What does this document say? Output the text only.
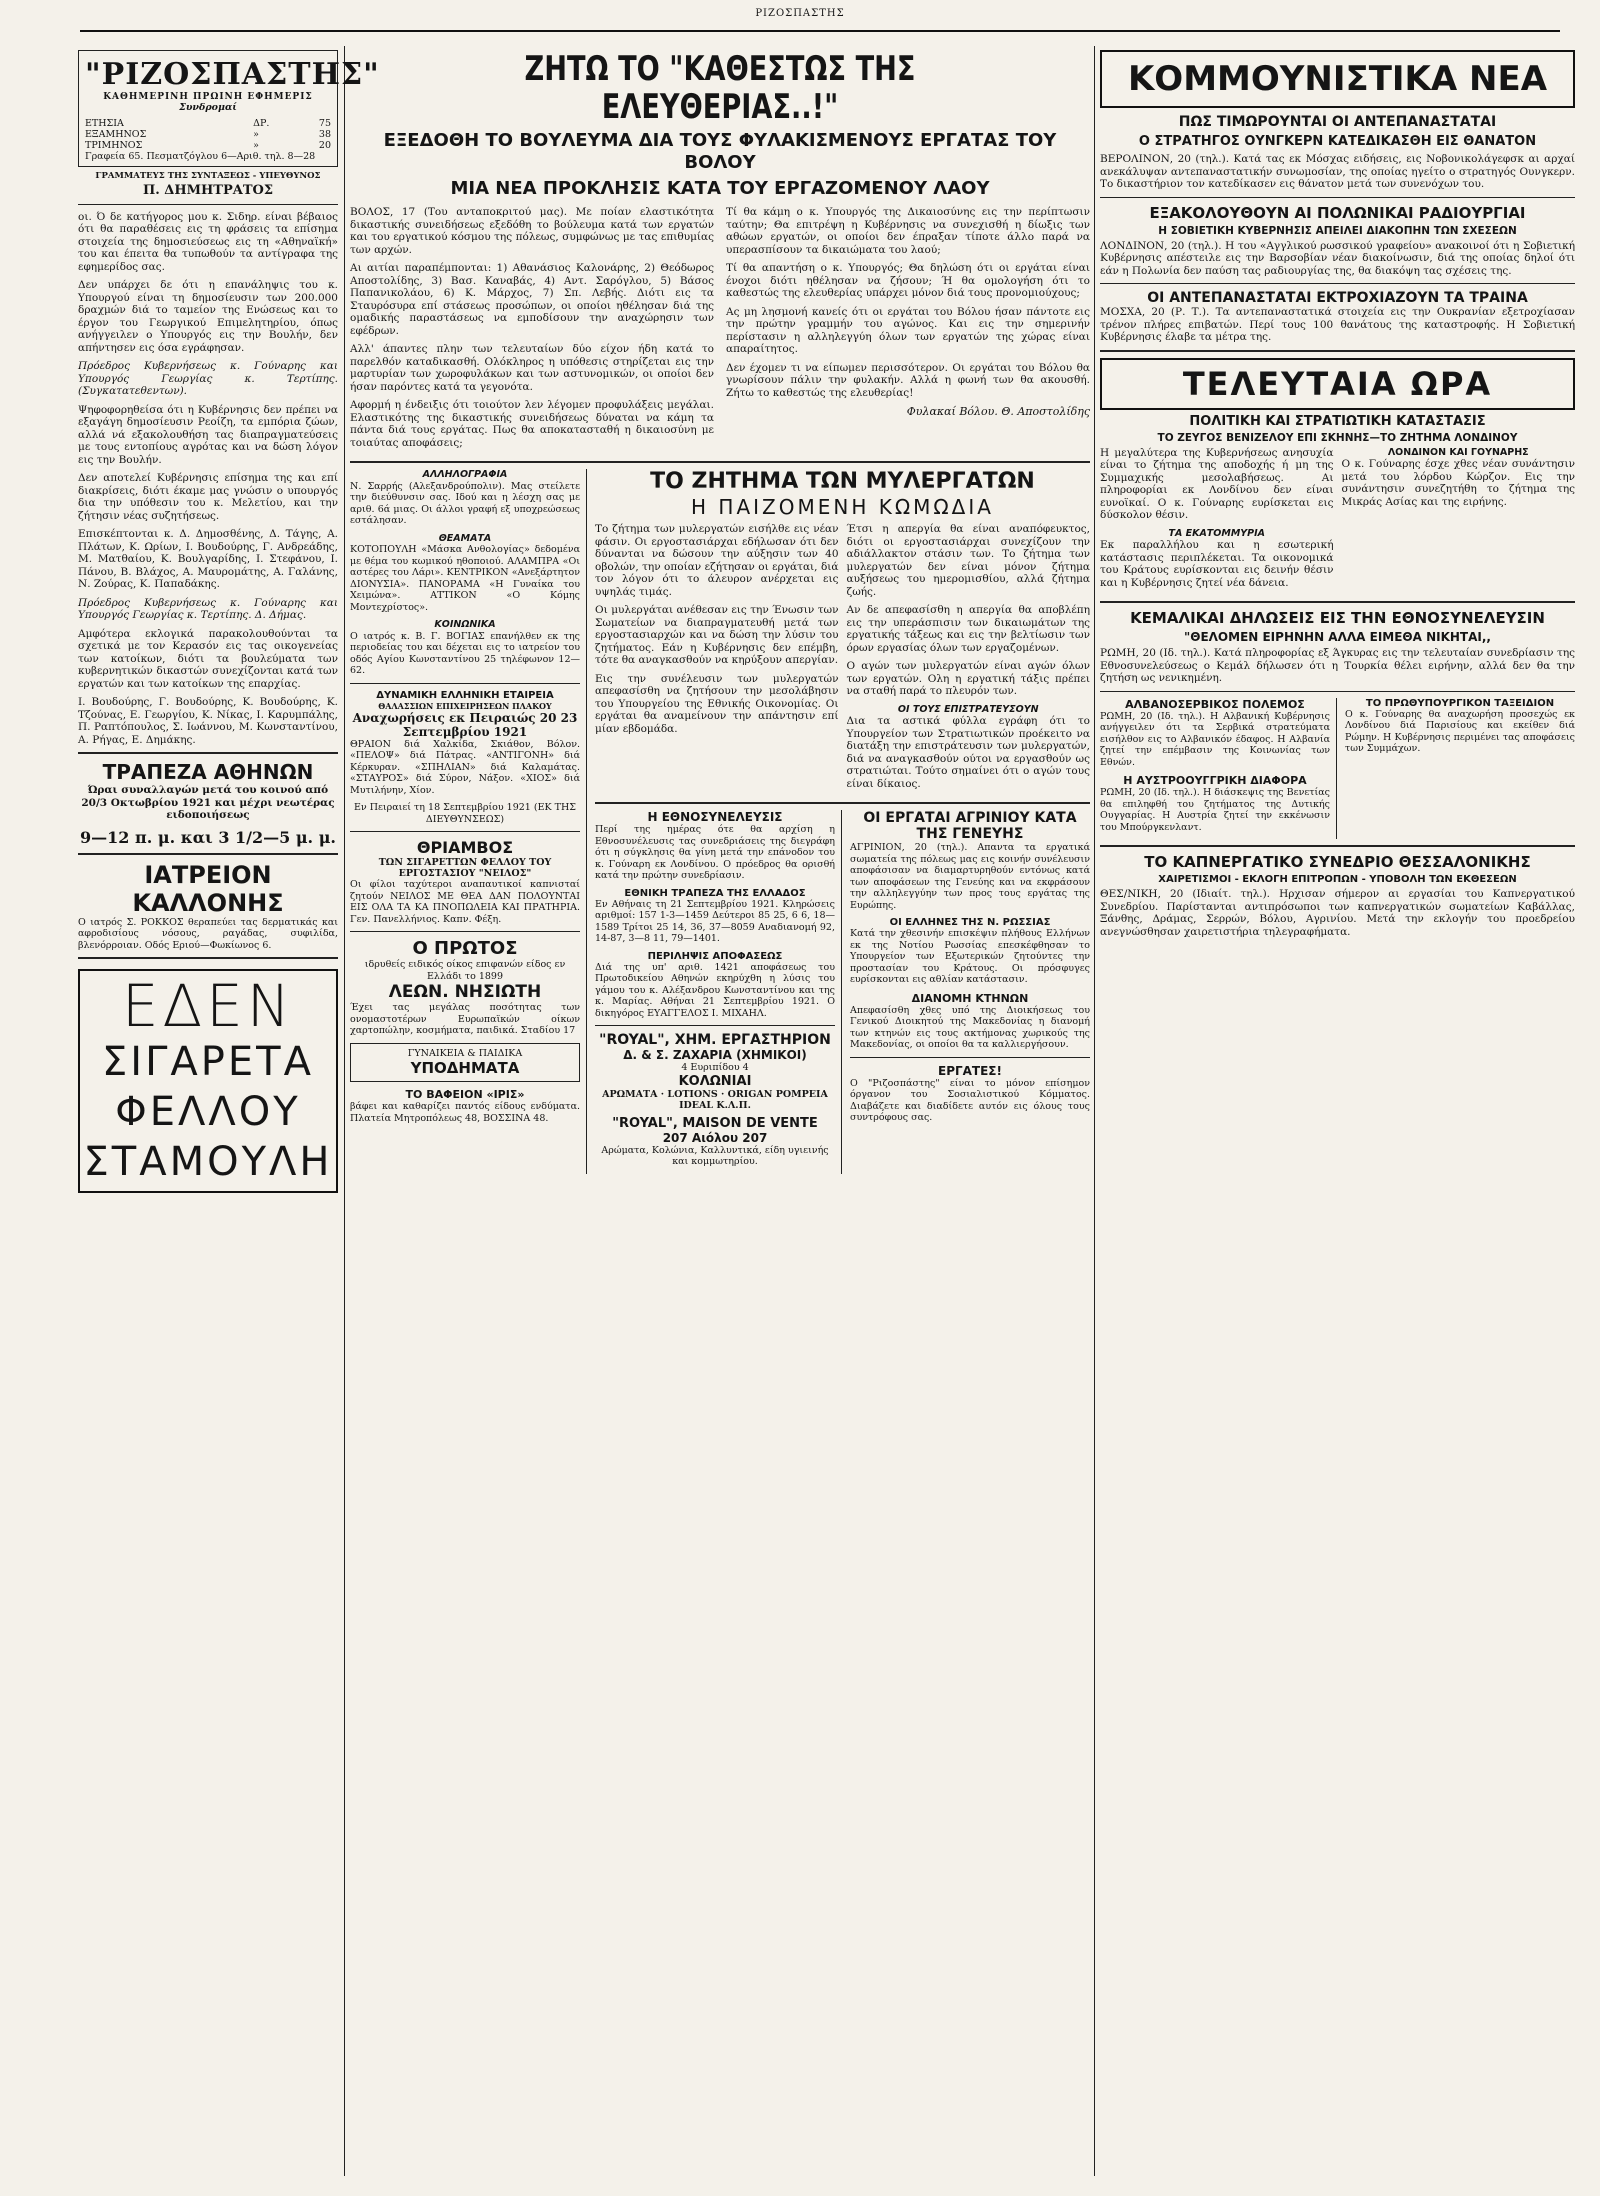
ΡΙΖΟΣΠΑΣΤΗΣ
"ΡΙΖΟΣΠΑΣΤΗΣ"
ΚΑΘΗΜΕΡΙΝΗ ΠΡΩΙΝΗ ΕΦΗΜΕΡΙΣ
Συνδρομαί
ΕΤΗΣΙΑ	ΔΡ.	75
ΕΞΑΜΗΝΟΣ	»	38
ΤΡΙΜΗΝΟΣ	»	20
Γραφεία 65. Πεσματζόγλου 6—Αριθ. τηλ. 8—28
ΓΡΑΜΜΑΤΕΥΣ ΤΗΣ ΣΥΝΤΑΞΕΩΣ - ΥΠΕΥΘΥΝΟΣ
Π. ΔΗΜΗΤΡΑΤΟΣ

οι. Ό δε κατήγορος μου κ. Σιδηρ. είναι βέβαιος ότι θα παραθέσεις εις τη φράσεις τα επίσημα στοιχεία της δημοσιεύσεως εις τη «Αθηναϊκή» του και έπειτα θα τυπωθούν τα αντίγραφα της εφημερίδος σας.

Δεν υπάρχει δε ότι η επανάληψις του κ. Υπουργού είναι τη δημοσίευσιν των 200.000 δραχμών διά το ταμείον της Ενώσεως και το έργον του Γεωργικού Επιμελητηρίου, όπως ανήγγειλεν ο Υπουργός εις την Βουλήν, δεν απήντησεν εις όσα εγράφησαν.

Πρόεδρος Κυβερνήσεως κ. Γούναρης και Υπουργός Γεωργίας κ. Τερτίπης. (Συγκατατεθεντων).

Ψηφοφορηθείσα ότι η Κυβέρνησις δεν πρέπει να εξαγάγη δημοσίευσιν Ρεοίζη, τα εμπόρια ζώων, αλλά νά εξακολουθήση τας διαπραγματεύσεις με τους εντοπίους αγρότας και να δώση λόγον εις την Βουλήν.

Δεν αποτελεί Κυβέρνησις επίσημα της και επί διακρίσεις, διότι έκαμε μας γνώσιν ο υπουργός δια την υπόθεσιν του κ. Μελετίου, και την ζήτησιν νέας συζητήσεως.

Επισκέπτονται κ. Δ. Δημοσθένης, Δ. Τάγης, Α. Πλάτων, Κ. Ωρίων, Ι. Βουδούρης, Γ. Ανδρεάδης, Μ. Ματθαίου, Κ. Βουλγαρίδης, Ι. Στεφάνου, Ι. Πάνου, Β. Βλάχος, Α. Μαυρομάτης, Α. Γαλάνης, Ν. Ζούρας, Κ. Παπαδάκης.

Πρόεδρος Κυβερνήσεως κ. Γούναρης και Υπουργός Γεωργίας κ. Τερτίπης. Δ. Δήμας.

Αμφότερα εκλογικά παρακολουθούνται τα σχετικά με τον Κερασόν εις τας οικογενείας των κατοίκων, διότι τα βουλεύματα των κυβερνητικών δικαστών συνεχίζονται κατά των εργατών και των κατοίκων της επαρχίας.

Ι. Βουδούρης, Γ. Βουδούρης, Κ. Βουδούρης, Κ. Τζούνας, Ε. Γεωργίου, Κ. Νίκας, Ι. Καρυμπάλης, Π. Ραπτόπουλος, Σ. Ιωάννου, Μ. Κωνσταντίνου, Α. Ρήγας, Ε. Δημάκης.

ΤΡΑΠΕΖΑ ΑΘΗΝΩΝ

Ώραι συναλλαγών μετά του κοινού από 20/3 Οκτωβρίου 1921 και μέχρι νεωτέρας ειδοποιήσεως

9—12 π. μ. και 3 1/2—5 μ. μ.
ΙΑΤΡΕΙΟΝ ΚΑΛΛΟΝΗΣ

Ο ιατρός Σ. ΡΟΚΚΟΣ θεραπεύει τας δερματικάς και αφροδισίους νόσους, ραγάδας, συφιλίδα, βλενόρροιαν. Οδός Εριού—Φωκίωνος 6.

ΕΔΕΝ
ΣΙΓΑΡΕΤΑ
ΦΕΛΛΟΥ
ΣΤΑΜΟΥΛΗ
ΖΗΤΩ ΤΟ "ΚΑΘΕΣΤΩΣ ΤΗΣ ΕΛΕΥΘΕΡΙΑΣ..!"
ΕΞΕΔΟΘΗ ΤΟ ΒΟΥΛΕΥΜΑ ΔΙΑ ΤΟΥΣ ΦΥΛΑΚΙΣΜΕΝΟΥΣ ΕΡΓΑΤΑΣ ΤΟΥ ΒΟΛΟΥ
ΜΙΑ ΝΕΑ ΠΡΟΚΛΗΣΙΣ ΚΑΤΑ ΤΟΥ ΕΡΓΑΖΟΜΕΝΟΥ ΛΑΟΥ

ΒΟΛΟΣ, 17 (Του ανταποκριτού μας). Με ποίαν ελαστικότητα δικαστικής συνειδήσεως εξεδόθη το βούλευμα κατά των εργατών και του εργατικού κόσμου της πόλεως, συμφώνως με τας επιθυμίας των αρχών.

Αι αιτίαι παραπέμπονται: 1) Αθανάσιος Καλονάρης, 2) Θεόδωρος Αποστολίδης, 3) Βασ. Καναβάς, 4) Αντ. Σαρόγλου, 5) Βάσος Παπανικολάου, 6) Κ. Μάρχος, 7) Σπ. Λεβής. Διότι εις τα Σταυρόσυρα επί στάσεως προσώπων, οι οποίοι ηθέλησαν διά της ομαδικής παραστάσεως να εμποδίσουν την αναχώρησιν των εφέδρων.

Αλλ' άπαντες πλην των τελευταίων δύο είχον ήδη κατά το παρελθόν καταδικασθή. Ολόκληρος η υπόθεσις στηρίζεται εις την μαρτυρίαν των χωροφυλάκων και των αστυνομικών, οι οποίοι δεν ήσαν παρόντες κατά τα γεγονότα.

Αφορμή η ένδειξις ότι τοιούτον λεν λέγομεν προφυλάξεις μεγάλαι. Ελαστικότης της δικαστικής συνειδήσεως δύναται να κάμη τα πάντα διά τους εργάτας. Πως θα αποκατασταθή η δικαιοσύνη με τοιαύτας αποφάσεις;

Τί θα κάμη ο κ. Υπουργός της Δικαιοσύνης εις την περίπτωσιν ταύτην; Θα επιτρέψη η Κυβέρνησις να συνεχισθή η δίωξις των αθώων εργατών, οι οποίοι δεν έπραξαν τίποτε άλλο παρά να υπερασπίσουν τα δικαιώματα του λαού;

Τί θα απαντήση ο κ. Υπουργός; Θα δηλώση ότι οι εργάται είναι ένοχοι διότι ηθέλησαν να ζήσουν; Ή θα ομολογήση ότι το καθεστώς της ελευθερίας υπάρχει μόνον διά τους προνομιούχους;

Ας μη λησμονή κανείς ότι οι εργάται του Βόλου ήσαν πάντοτε εις την πρώτην γραμμήν του αγώνος. Και εις την σημερινήν περίστασιν η αλληλεγγύη όλων των εργατών της χώρας είναι απαραίτητος.

Δεν έχομεν τι να είπωμεν περισσότερον. Οι εργάται του Βόλου θα γνωρίσουν πάλιν την φυλακήν. Αλλά η φωνή των θα ακουσθή. Ζήτω το καθεστώς της ελευθερίας!

Φυλακαί Βόλου. Θ. Αποστολίδης
ΑΛΛΗΛΟΓΡΑΦΙΑ

Ν. Σαρρής (Αλεξανδρούπολιν). Μας στείλετε την διεύθυνσιν σας. Ιδού και η λέσχη σας με αριθ. 6ά μιας. Οι άλλοι γραφή εξ υποχρεώσεως εστάλησαν.

ΘΕΑΜΑΤΑ

ΚΟΤΟΠΟΥΛΗ «Μάσκα Ανθολογίας» δεδομένα με θέμα του κωμικού ηθοποιού. ΑΛΑΜΠΡΑ «Οι αστέρες του Λάρι». ΚΕΝΤΡΙΚΟΝ «Ανεξάρτητον ΔΙΟΝΥΣΙΑ». ΠΑΝΟΡΑΜΑ «Η Γυναίκα του Χειμώνα». ΑΤΤΙΚΟΝ «Ο Κόμης Μοντεχρίστος».

ΚΟΙΝΩΝΙΚΑ

Ο ιατρός κ. Β. Γ. ΒΟΓΙΑΣ επανήλθεν εκ της περιοδείας του και δέχεται εις το ιατρείον του οδός Αγίου Κωνσταντίνου 25 τηλέφωνον 12—62.

ΔΥΝΑΜΙΚΗ ΕΛΛΗΝΙΚΗ ΕΤΑΙΡΕΙΑ
ΘΑΛΑΣΣΙΩΝ ΕΠΙΧΕΙΡΗΣΕΩΝ ΠΛΑΚΟΥ
Αναχωρήσεις εκ Πειραιώς 20 23 Σεπτεμβρίου 1921

ΘΡΑΙΟΝ διά Χαλκίδα, Σκιάθον, Βόλον. «ΠΕΛΟΨ» διά Πάτρας. «ΑΝΤΙΓΟΝΗ» διά Κέρκυραν. «ΣΠΗΛΙΑΝ» διά Καλαμάτας. «ΣΤΑΥΡΟΣ» διά Σύρον, Νάξον. «ΧΙΟΣ» διά Μυτιλήνην, Χίον.

Εν Πειραιεί τη 18 Σεπτεμβρίου 1921 (ΕΚ ΤΗΣ ΔΙΕΥΘΥΝΣΕΩΣ)
ΘΡΙΑΜΒΟΣ
ΤΩΝ ΣΙΓΑΡΕΤΤΩΝ ΦΕΛΛΟΥ ΤΟΥ ΕΡΓΟΣΤΑΣΙΟΥ "ΝΕΙΛΟΣ"

Οι φίλοι ταχύτεροι αναπαυτικοί καπνισταί ζητούν ΝΕΙΛΟΣ ΜΕ ΘΕΑ ΔΑΝ ΠΟΛΟΥΝΤΑΙ ΕΙΣ ΟΛΑ ΤΑ ΚΑ ΠΝΟΠΩΛΕΙΑ ΚΑΙ ΠΡΑΤΗΡΙΑ. Γεν. Πανελλήνιος. Καπν. Φέξη.

Ο ΠΡΩΤΟΣ
ιδρυθείς ειδικός οίκος επιφανών είδος εν Ελλάδι το 1899
ΛΕΩΝ. ΝΗΣΙΩΤΗ

Έχει τας μεγάλας ποσότητας των ονομαστοτέρων Ευρωπαϊκών οίκων χαρτοπώλην, κοσμήματα, παιδικά. Σταδίου 17

ΓΥΝΑΙΚΕΙΑ & ΠΑΙΔΙΚΑ
ΥΠΟΔΗΜΑΤΑ
ΤΟ ΒΑΦΕΙΟΝ «ΙΡΙΣ»

βάφει και καθαρίζει παντός είδους ενδύματα. Πλατεία Μητροπόλεως 48, ΒΟΣΣΙΝΑ 48.

ΤΟ ΖΗΤΗΜΑ ΤΩΝ ΜΥΛΕΡΓΑΤΩΝ
Η ΠΑΙΖΟΜΕΝΗ ΚΩΜΩΔΙΑ

Το ζήτημα των μυλεργατών εισήλθε εις νέαν φάσιν. Οι εργοστασιάρχαι εδήλωσαν ότι δεν δύνανται να δώσουν την αύξησιν των 40 οβολών, την οποίαν εζήτησαν οι εργάται, διά τον λόγον ότι το άλευρον ανέρχεται εις υψηλάς τιμάς.

Οι μυλεργάται ανέθεσαν εις την Ένωσιν των Σωματείων να διαπραγματευθή μετά των εργοστασιαρχών και να δώση την λύσιν του ζητήματος. Εάν η Κυβέρνησις δεν επέμβη, τότε θα αναγκασθούν να κηρύξουν απεργίαν.

Εις την συνέλευσιν των μυλεργατών απεφασίσθη να ζητήσουν την μεσολάβησιν του Υπουργείου της Εθνικής Οικονομίας. Οι εργάται θα αναμείνουν την απάντησιν επί μίαν εβδομάδα.

Έτσι η απεργία θα είναι αναπόφευκτος, διότι οι εργοστασιάρχαι συνεχίζουν την αδιάλλακτον στάσιν των. Το ζήτημα των μυλεργατών δεν είναι μόνον ζήτημα αυξήσεως του ημερομισθίου, αλλά ζήτημα ζωής.

Αν δε απεφασίσθη η απεργία θα αποβλέπη εις την υπεράσπισιν των δικαιωμάτων της εργατικής τάξεως και εις την βελτίωσιν των όρων εργασίας όλων των εργαζομένων.

Ο αγών των μυλεργατών είναι αγών όλων των εργατών. Ολη η εργατική τάξις πρέπει να σταθή παρά το πλευρόν των.

ΟΙ ΤΟΥΣ ΕΠΙΣΤΡΑΤΕΥΣΟΥΝ

Δια τα αστικά φύλλα εγράφη ότι το Υπουργείον των Στρατιωτικών προέκειτο να διατάξη την επιστράτευσιν των μυλεργατών, διά να αναγκασθούν ούτοι να εργασθούν ως στρατιώται. Τούτο σημαίνει ότι ο αγών τους είναι δίκαιος.

Η ΕΘΝΟΣΥΝΕΛΕΥΣΙΣ

Περί της ημέρας ότε θα αρχίση η Εθνοσυνέλευσις τας συνεδριάσεις της διεγράφη ότι η σύγκλησις θα γίνη μετά την επάνοδον του κ. Γούναρη εκ Λονδίνου. Ο πρόεδρος θα ορισθή κατά την πρώτην συνεδρίασιν.

ΕΘΝΙΚΗ ΤΡΑΠΕΖΑ ΤΗΣ ΕΛΛΑΔΟΣ

Εν Αθήναις τη 21 Σεπτεμβρίου 1921. Κληρώσεις αριθμοί: 157 1-3—1459 Δεύτεροι 85 25, 6 6, 18—1589 Τρίτοι 25 14, 36, 37—8059 Αναδιανομή 92, 14-87, 3—8 11, 79—1401.

ΠΕΡΙΛΗΨΙΣ ΑΠΟΦΑΣΕΩΣ

Διά της υπ' αριθ. 1421 αποφάσεως του Πρωτοδικείου Αθηνών εκηρύχθη η λύσις του γάμου του κ. Αλέξανδρου Κωνσταντίνου και της κ. Μαρίας. Αθήναι 21 Σεπτεμβρίου 1921. Ο δικηγόρος ΕΥΑΓΓΕΛΟΣ Ι. ΜΙΧΑΗΛ.

"ROYAL", ΧΗΜ. ΕΡΓΑΣΤΗΡΙΟΝ
Δ. & Σ. ΖΑΧΑΡΙΑ (ΧΗΜΙΚΟΙ)
4 Ευριπίδου 4
ΚΟΛΩΝΙΑΙ
ΑΡΩΜΑΤΑ · LOTIONS · ORIGAN POMPEIA IDEAL Κ.Λ.Π.
"ROYAL", MAISON DE VENTE
207 Αιόλου 207

Αρώματα, Κολώνια, Καλλυντικά, είδη υγιεινής και κομμωτηρίου.

ΟΙ ΕΡΓΑΤΑΙ ΑΓΡΙΝΙΟΥ ΚΑΤΑ ΤΗΣ ΓΕΝΕΥΗΣ

ΑΓΡΙΝΙΟΝ, 20 (τηλ.). Απαντα τα εργατικά σωματεία της πόλεως μας εις κοινήν συνέλευσιν αποφάσισαν να διαμαρτυρηθούν εντόνως κατά των αποφάσεων της Γενεύης και να εκφράσουν την αλληλεγγύην των προς τους εργάτας της Ευρώπης.

ΟΙ ΕΛΛΗΝΕΣ ΤΗΣ Ν. ΡΩΣΣΙΑΣ

Κατά την χθεσινήν επισκέψιν πλήθους Ελλήνων εκ της Νοτίου Ρωσσίας επεσκέφθησαν το Υπουργείον των Εξωτερικών ζητούντες την προστασίαν του Κράτους. Οι πρόσφυγες ευρίσκονται εις αθλίαν κατάστασιν.

ΔΙΑΝΟΜΗ ΚΤΗΝΩΝ

Απεφασίσθη χθες υπό της Διοικήσεως του Γενικού Διοικητού της Μακεδονίας η διανομή των κτηνών εις τους ακτήμονας χωρικούς της Μακεδονίας, οι οποίοι θα τα καλλιεργήσουν.

ΕΡΓΑΤΕΣ!

Ο "Ριζοσπάστης" είναι το μόνον επίσημον όργανον του Σοσιαλιστικού Κόμματος. Διαβάζετε και διαδίδετε αυτόν εις όλους τους συντρόφους σας.

ΚΟΜΜΟΥΝΙΣΤΙΚΑ ΝΕΑ
ΠΩΣ ΤΙΜΩΡΟΥΝΤΑΙ ΟΙ ΑΝΤΕΠΑΝΑΣΤΑΤΑΙ
Ο ΣΤΡΑΤΗΓΟΣ ΟΥΝΓΚΕΡΝ ΚΑΤΕΔΙΚΑΣΘΗ ΕΙΣ ΘΑΝΑΤΟΝ

ΒΕΡΟΛΙΝΟΝ, 20 (τηλ.). Κατά τας εκ Μόσχας ειδήσεις, εις Νοβονικολάγεφσκ αι αρχαί ανεκάλυψαν αντεπαναστατικήν συνωμοσίαν, της οποίας ηγείτο ο στρατηγός Ουνγκερν. Το δικαστήριον τον κατεδίκασεν εις θάνατον μετά των συνενόχων του.

ΕΞΑΚΟΛΟΥΘΟΥΝ ΑΙ ΠΟΛΩΝΙΚΑΙ ΡΑΔΙΟΥΡΓΙΑΙ
Η ΣΟΒΙΕΤΙΚΗ ΚΥΒΕΡΝΗΣΙΣ ΑΠΕΙΛΕΙ ΔΙΑΚΟΠΗΝ ΤΩΝ ΣΧΕΣΕΩΝ

ΛΟΝΔΙΝΟΝ, 20 (τηλ.). Η του «Αγγλικού ρωσσικού γραφείου» ανακοινοί ότι η Σοβιετική Κυβέρνησις απέστειλε εις την Βαρσοβίαν νέαν διακοίνωσιν, διά της οποίας δηλοί ότι εάν η Πολωνία δεν παύση τας ραδιουργίας της, θα διακόψη τας σχέσεις της.

ΟΙ ΑΝΤΕΠΑΝΑΣΤΑΤΑΙ ΕΚΤΡΟΧΙΑΖΟΥΝ ΤΑ ΤΡΑΙΝΑ

ΜΟΣΧΑ, 20 (Ρ. Τ.). Τα αντεπαναστατικά στοιχεία εις την Ουκρανίαν εξετροχίασαν τρένον πλήρες επιβατών. Περί τους 100 θανάτους της καταστροφής. Η Σοβιετική Κυβέρνησις έλαβε τα μέτρα της.

ΤΕΛΕΥΤΑΙΑ ΩΡΑ
ΠΟΛΙΤΙΚΗ ΚΑΙ ΣΤΡΑΤΙΩΤΙΚΗ ΚΑΤΑΣΤΑΣΙΣ
ΤΟ ΖΕΥΓΟΣ ΒΕΝΙΖΕΛΟΥ ΕΠΙ ΣΚΗΝΗΣ—ΤΟ ΖΗΤΗΜΑ ΛΟΝΔΙΝΟΥ

Η μεγαλύτερα της Κυβερνήσεως ανησυχία είναι το ζήτημα της αποδοχής ή μη της Συμμαχικής μεσολαβήσεως. Αι πληροφορίαι εκ Λονδίνου δεν είναι ευνοϊκαί. Ο κ. Γούναρης ευρίσκεται εις δύσκολον θέσιν.

ΤΑ ΕΚΑΤΟΜΜΥΡΙΑ

Εκ παραλλήλου και η εσωτερική κατάστασις περιπλέκεται. Τα οικονομικά του Κράτους ευρίσκονται εις δεινήν θέσιν και η Κυβέρνησις ζητεί νέα δάνεια.

ΛΟΝΔΙΝΟΝ ΚΑΙ ΓΟΥΝΑΡΗΣ

Ο κ. Γούναρης έσχε χθες νέαν συνάντησιν μετά του λόρδου Κώρζον. Εις την συνάντησιν συνεζητήθη το ζήτημα της Μικράς Ασίας και της ειρήνης.

ΚΕΜΑΛΙΚΑΙ ΔΗΛΩΣΕΙΣ ΕΙΣ ΤΗΝ ΕΘΝΟΣΥΝΕΛΕΥΣΙΝ
"ΘΕΛΟΜΕΝ ΕΙΡΗΝΗΝ ΑΛΛΑ ΕΙΜΕΘΑ ΝΙΚΗΤΑΙ,,

ΡΩΜΗ, 20 (Ιδ. τηλ.). Κατά πληροφορίας εξ Άγκυρας εις την τελευταίαν συνεδρίασιν της Εθνοσυνελεύσεως ο Κεμάλ δήλωσεν ότι η Τουρκία θέλει ειρήνην, αλλά δεν θα την ζητήση ως νενικημένη.

ΑΛΒΑΝΟΣΕΡΒΙΚΟΣ ΠΟΛΕΜΟΣ

ΡΩΜΗ, 20 (Ιδ. τηλ.). Η Αλβανική Κυβέρνησις ανήγγειλεν ότι τα Σερβικά στρατεύματα εισήλθον εις το Αλβανικόν έδαφος. Η Αλβανία ζητεί την επέμβασιν της Κοινωνίας των Εθνών.

Η ΑΥΣΤΡΟΟΥΓΓΡΙΚΗ ΔΙΑΦΟΡΑ

ΡΩΜΗ, 20 (Ιδ. τηλ.). Η διάσκεψις της Βενετίας θα επιληφθή του ζητήματος της Δυτικής Ουγγαρίας. Η Αυστρία ζητεί την εκκένωσιν του Μπούργκενλαντ.

ΤΟ ΠΡΩΘΥΠΟΥΡΓΙΚΟΝ ΤΑΞΕΙΔΙΟΝ

Ο κ. Γούναρης θα αναχωρήση προσεχώς εκ Λονδίνου διά Παρισίους και εκείθεν διά Ρώμην. Η Κυβέρνησις περιμένει τας αποφάσεις των Συμμάχων.

ΤΟ ΚΑΠΝΕΡΓΑΤΙΚΟ ΣΥΝΕΔΡΙΟ ΘΕΣΣΑΛΟΝΙΚΗΣ
ΧΑΙΡΕΤΙΣΜΟΙ - ΕΚΛΟΓΗ ΕΠΙΤΡΟΠΩΝ - ΥΠΟΒΟΛΗ ΤΩΝ ΕΚΘΕΣΕΩΝ

ΘΕΣ/ΝΙΚΗ, 20 (Ιδιαίτ. τηλ.). Ηρχισαν σήμερον αι εργασίαι του Καπνεργατικού Συνεδρίου. Παρίστανται αντιπρόσωποι των καπνεργατικών σωματείων Καβάλλας, Ξάνθης, Δράμας, Σερρών, Βόλου, Αγρινίου. Μετά την εκλογήν του προεδρείου ανεγνώσθησαν χαιρετιστήρια τηλεγραφήματα.
